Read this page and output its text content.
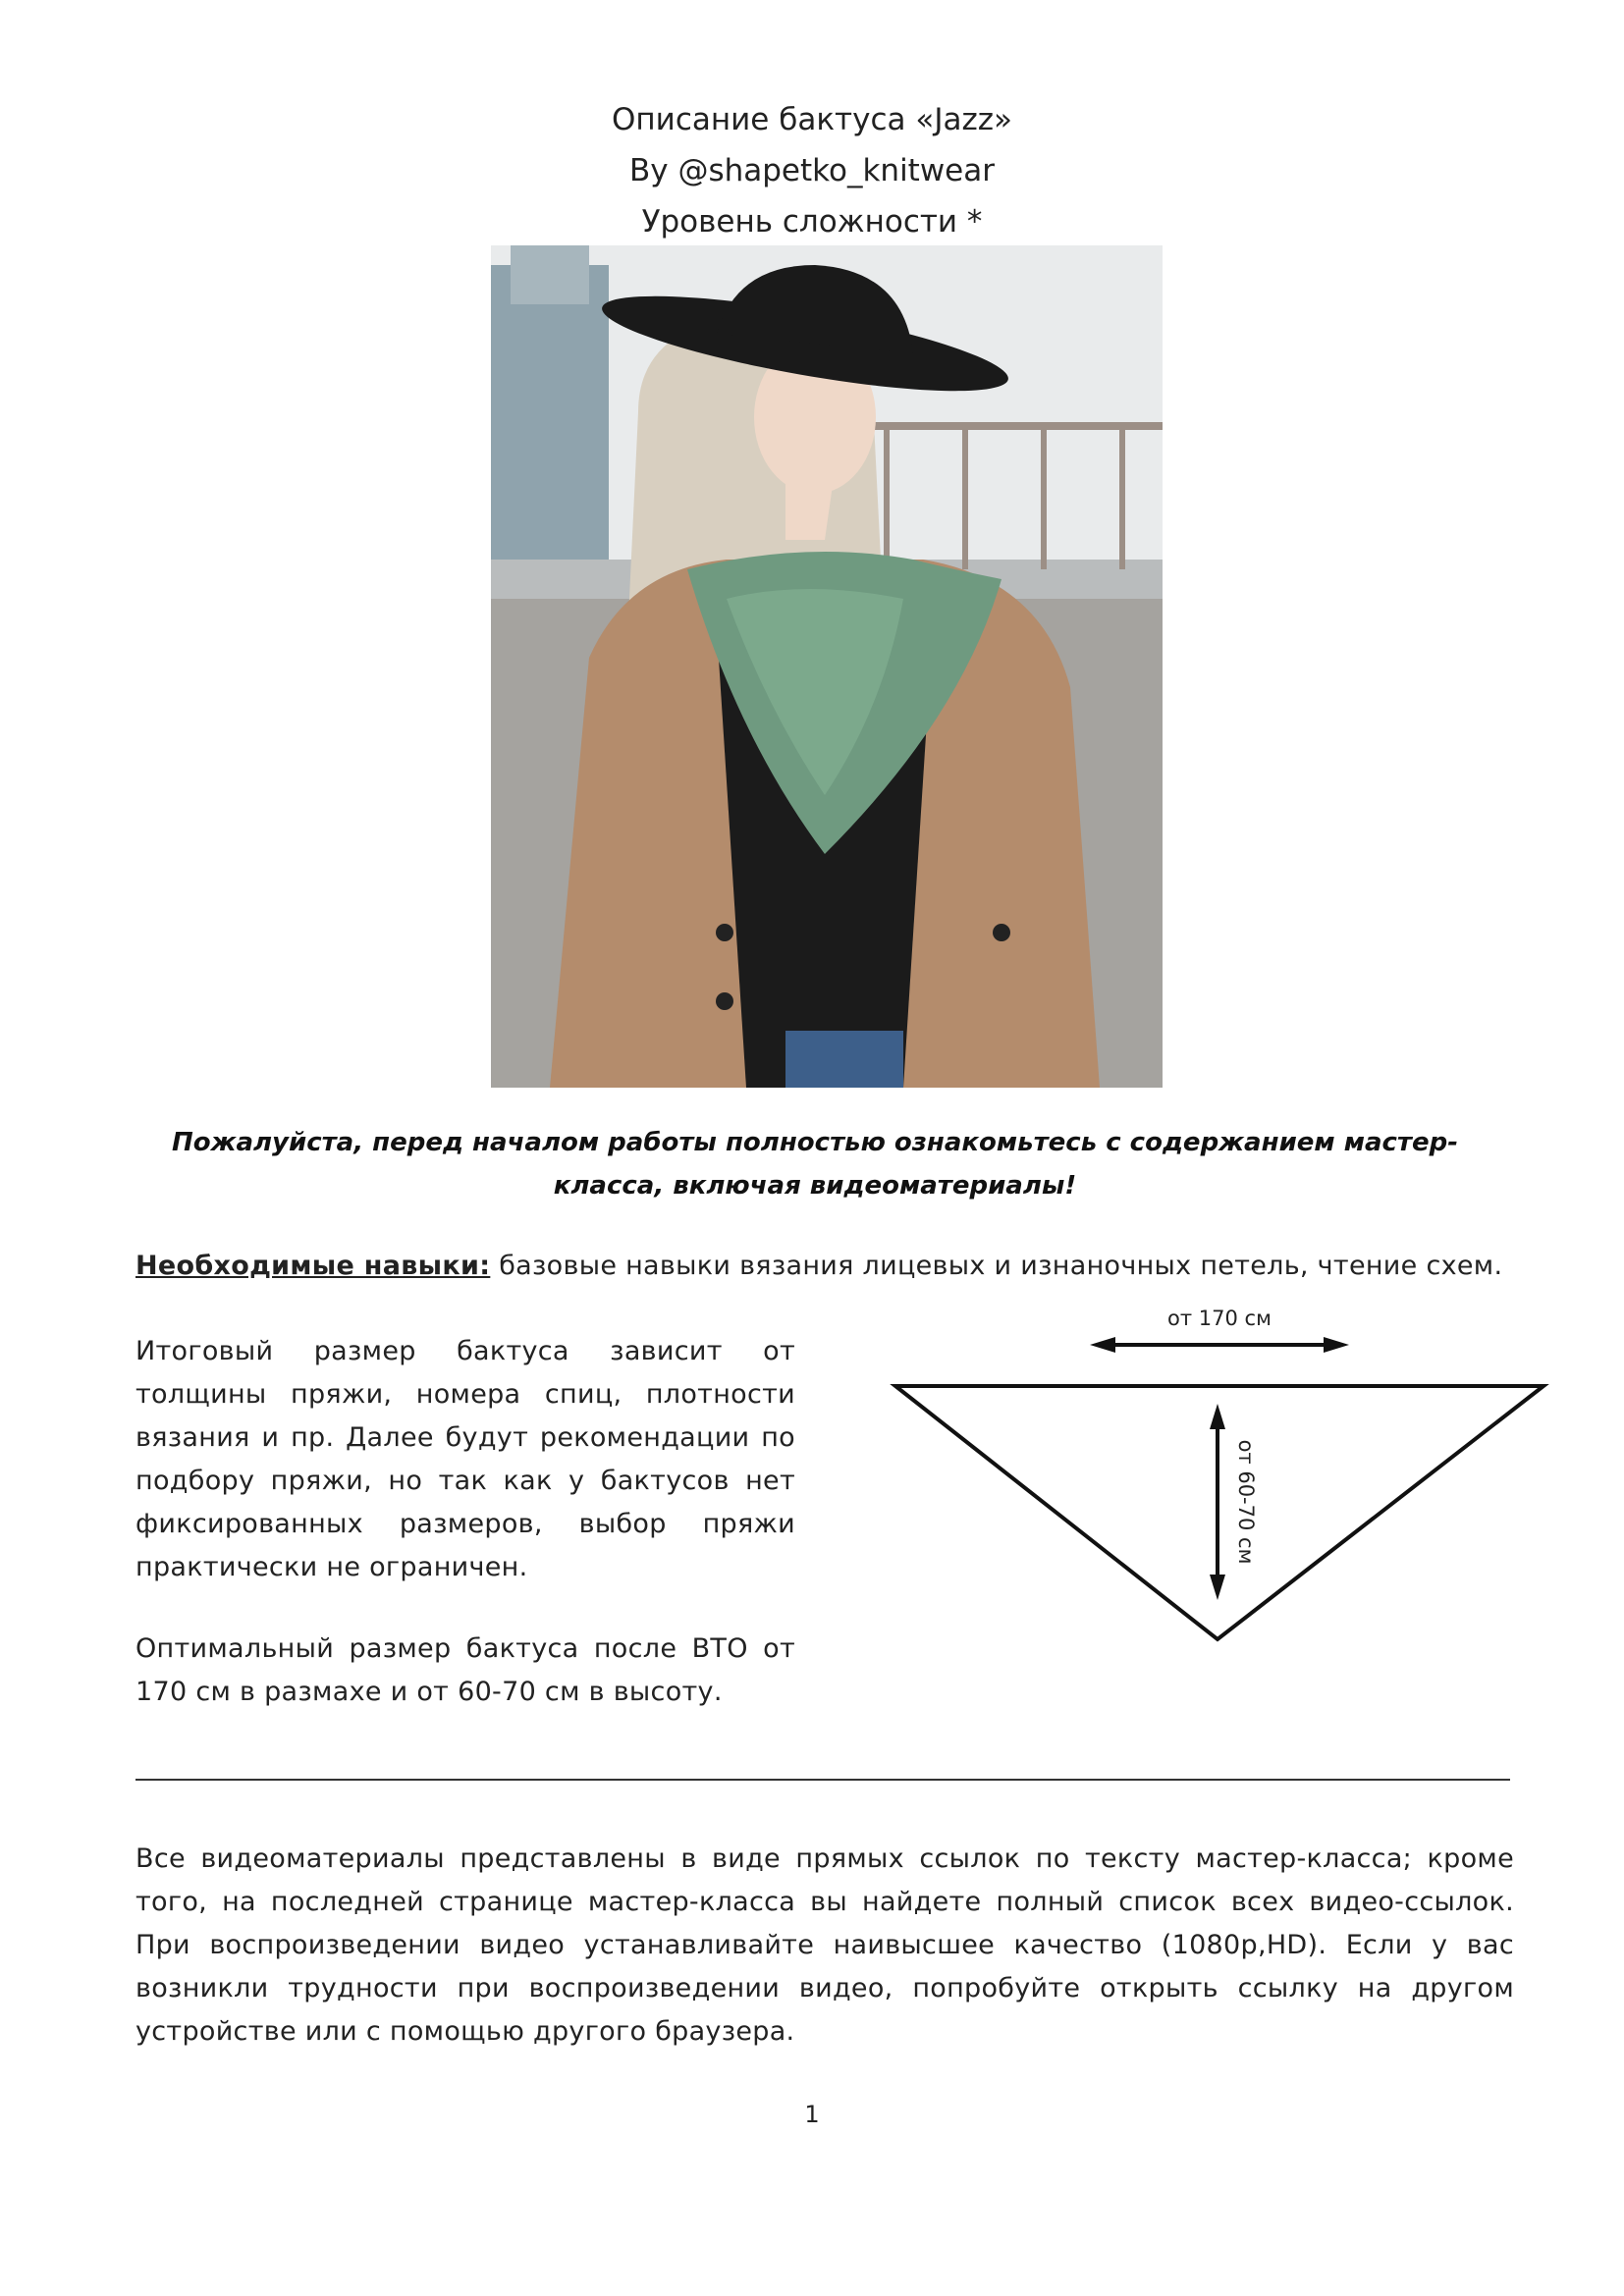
Описание бактуса «Jazz»
By @shapetko_knitwear
Уровень сложности *
Пожалуйста, перед началом работы полностью ознакомьтесь с содержанием мастер-
класса, включая видеоматериалы!
Необходимые навыки: базовые навыки вязания лицевых и изнаночных петель, чтение схем.
Итоговый размер бактуса зависит от толщины пряжи, номера спиц, плотности вязания и пр. Далее будут рекомендации по подбору пряжи, но так как у бактусов нет фиксированных размеров, выбор пряжи практически не ограничен.
Оптимальный размер бактуса после ВТО от 170 см в размахе и от 60-70 см в высоту.
от 170 см
от 60-70 см
Все видеоматериалы представлены в виде прямых ссылок по тексту мастер-класса; кроме того, на последней странице мастер-класса вы найдете полный список всех видео-ссылок. При воспроизведении видео устанавливайте наивысшее качество (1080p,HD). Если у вас возникли трудности при воспроизведении видео, попробуйте открыть ссылку на другом устройстве или с помощью другого браузера.
1
